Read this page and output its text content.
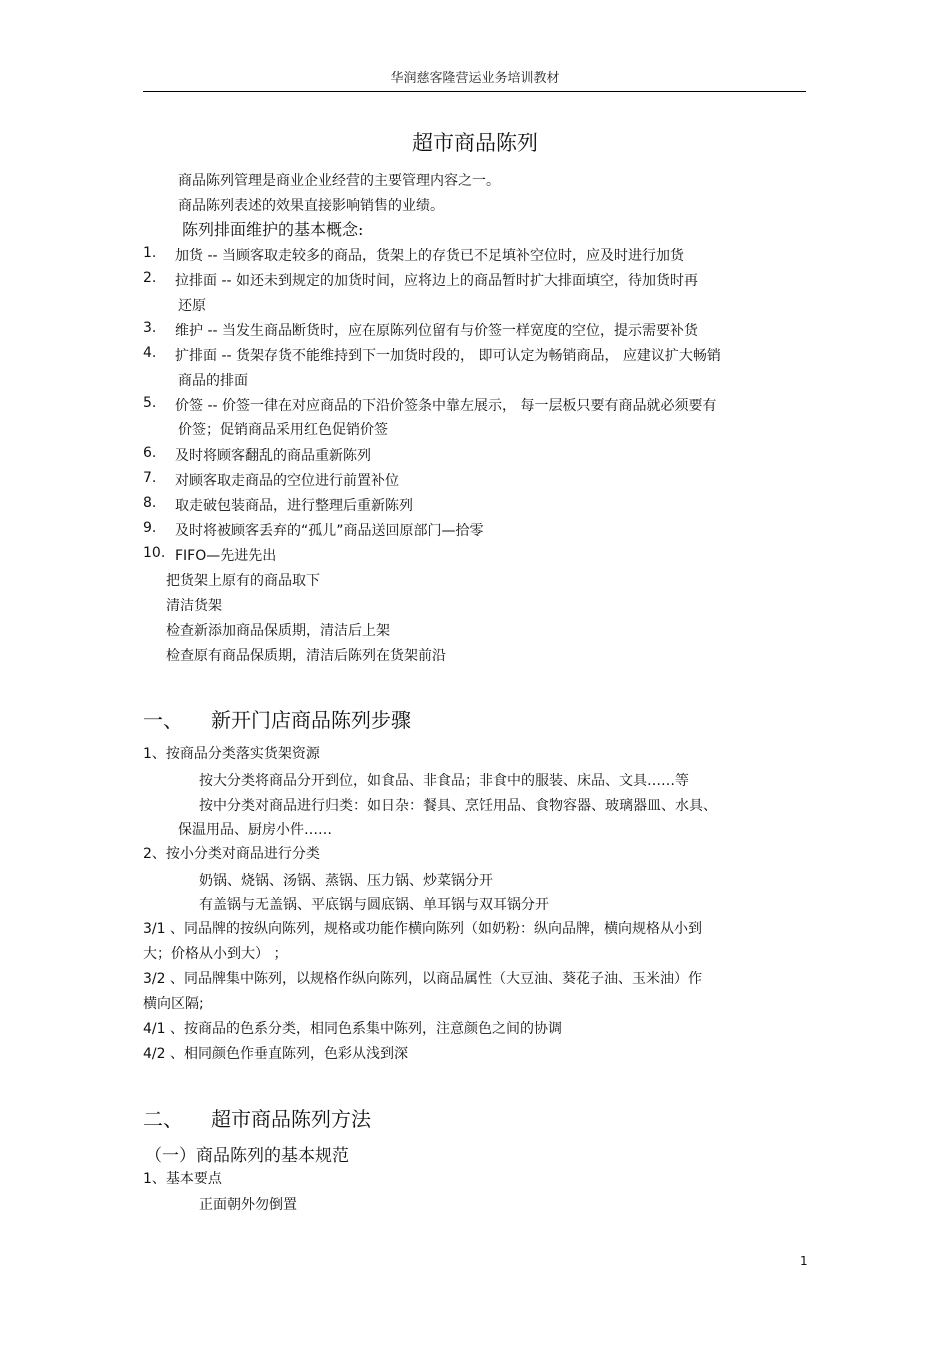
华润慈客隆营运业务培训教材
超市商品陈列
商品陈列管理是商业企业经营的主要管理内容之一。
商品陈列表述的效果直接影响销售的业绩。
陈列排面维护的基本概念:
1. 加货 -- 当顾客取走较多的商品，货架上的存货已不足填补空位时，应及时进行加货
2. 拉排面 -- 如还未到规定的加货时间，应将边上的商品暂时扩大排面填空，待加货时再
还原
3. 维护 -- 当发生商品断货时，应在原陈列位留有与价签一样宽度的空位，提示需要补货
4. 扩排面 -- 货架存货不能维持到下一加货时段的， 即可认定为畅销商品， 应建议扩大畅销
商品的排面
5. 价签 -- 价签一律在对应商品的下沿价签条中靠左展示， 每一层板只要有商品就必须要有
价签；促销商品采用红色促销价签
6. 及时将顾客翻乱的商品重新陈列
7. 对顾客取走商品的空位进行前置补位
8. 取走破包装商品，进行整理后重新陈列
9. 及时将被顾客丢弃的“孤儿”商品送回原部门—拾零
10. FIFO—先进先出
把货架上原有的商品取下
清洁货架
检查新添加商品保质期，清洁后上架
检查原有商品保质期，清洁后陈列在货架前沿
一、 新开门店商品陈列步骤
1、按商品分类落实货架资源
按大分类将商品分开到位，如食品、非食品；非食中的服装、床品、文具……等
按中分类对商品进行归类：如日杂：餐具、烹饪用品、食物容器、玻璃器皿、水具、
保温用品、厨房小件……
2、按小分类对商品进行分类
奶锅、烧锅、汤锅、蒸锅、压力锅、炒菜锅分开
有盖锅与无盖锅、平底锅与圆底锅、单耳锅与双耳锅分开
3/1 、同品牌的按纵向陈列，规格或功能作横向陈列（如奶粉：纵向品牌，横向规格从小到
大；价格从小到大） ；
3/2 、同品牌集中陈列，以规格作纵向陈列，以商品属性（大豆油、葵花子油、玉米油）作
横向区隔;
4/1 、按商品的色系分类，相同色系集中陈列，注意颜色之间的协调
4/2 、相同颜色作垂直陈列，色彩从浅到深
二、 超市商品陈列方法
（一）商品陈列的基本规范
1、基本要点
正面朝外勿倒置
1
